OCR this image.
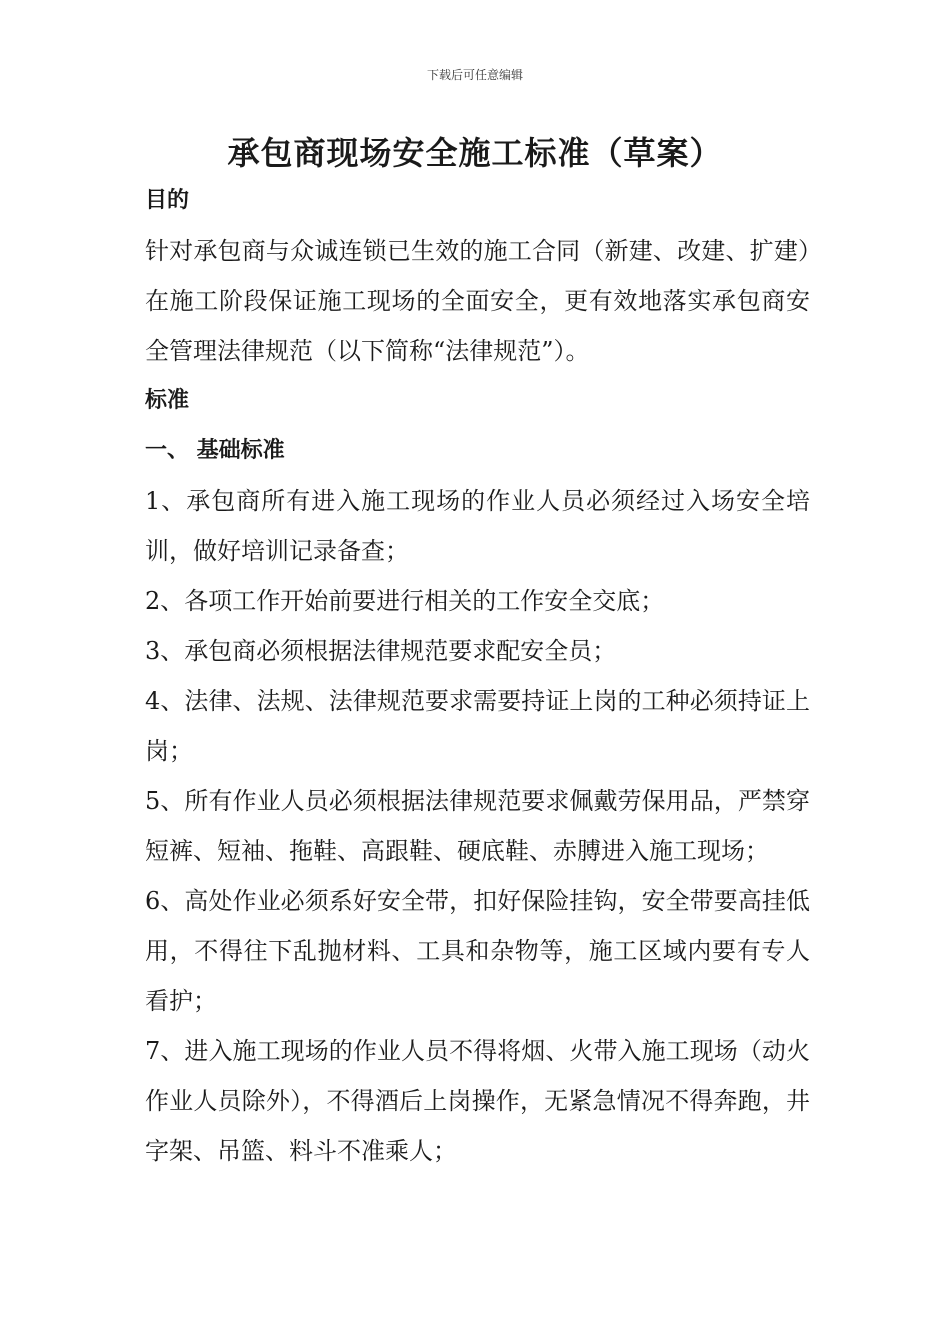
下载后可任意编辑
承包商现场安全施工标准（草案）

目的

针对承包商与众诚连锁已生效的施工合同（新建、改建、扩建）在施工阶段保证施工现场的全面安全，更有效地落实承包商安全管理法律规范（以下简称“法律规范”）。

标准

一、 基础标准

1、承包商所有进入施工现场的作业人员必须经过入场安全培训，做好培训记录备查；

2、各项工作开始前要进行相关的工作安全交底；

3、承包商必须根据法律规范要求配安全员；

4、法律、法规、法律规范要求需要持证上岗的工种必须持证上岗；

5、所有作业人员必须根据法律规范要求佩戴劳保用品，严禁穿短裤、短袖、拖鞋、高跟鞋、硬底鞋、赤膊进入施工现场；

6、高处作业必须系好安全带，扣好保险挂钩，安全带要高挂低用，不得往下乱抛材料、工具和杂物等，施工区域内要有专人看护；

7、进入施工现场的作业人员不得将烟、火带入施工现场（动火作业人员除外），不得酒后上岗操作，无紧急情况不得奔跑，井字架、吊篮、料斗不准乘人；
